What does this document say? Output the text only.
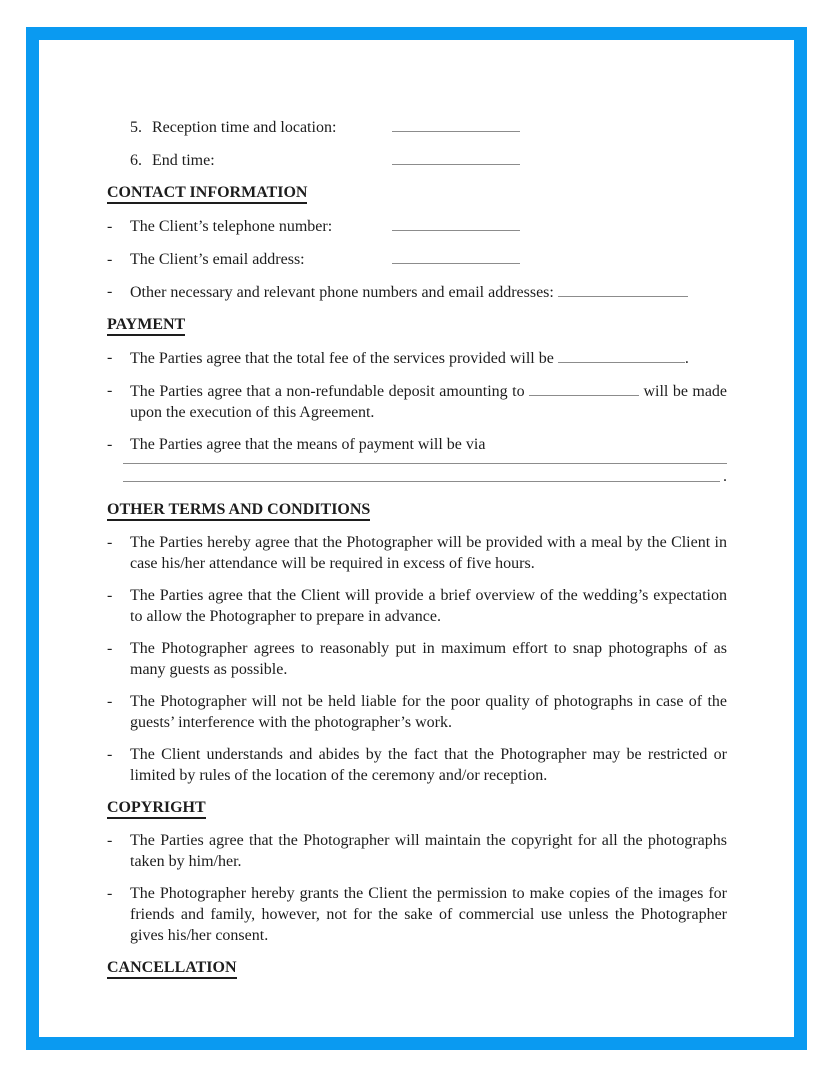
5. Reception time and location:
6. End time:
CONTACT INFORMATION
- The Client’s telephone number:
- The Client’s email address:
- Other necessary and relevant phone numbers and email addresses:
PAYMENT
- The Parties agree that the total fee of the services provided will be	.
- The Parties agree that a non-refundable deposit amounting to	will be made upon the execution of this Agreement.
- The Parties agree that the means of payment will be via
.
OTHER TERMS AND CONDITIONS
- The Parties hereby agree that the Photographer will be provided with a meal by the Client in case his/her attendance will be required in excess of five hours.
- The Parties agree that the Client will provide a brief overview of the wedding’s expectation to allow the Photographer to prepare in advance.
- The Photographer agrees to reasonably put in maximum effort to snap photographs of as many guests as possible.
- The Photographer will not be held liable for the poor quality of photographs in case of the guests’ interference with the photographer’s work.
- The Client understands and abides by the fact that the Photographer may be restricted or limited by rules of the location of the ceremony and/or reception.
COPYRIGHT
- The Parties agree that the Photographer will maintain the copyright for all the photographs taken by him/her.
- The Photographer hereby grants the Client the permission to make copies of the images for friends and family, however, not for the sake of commercial use unless the Photographer gives his/her consent.
CANCELLATION
